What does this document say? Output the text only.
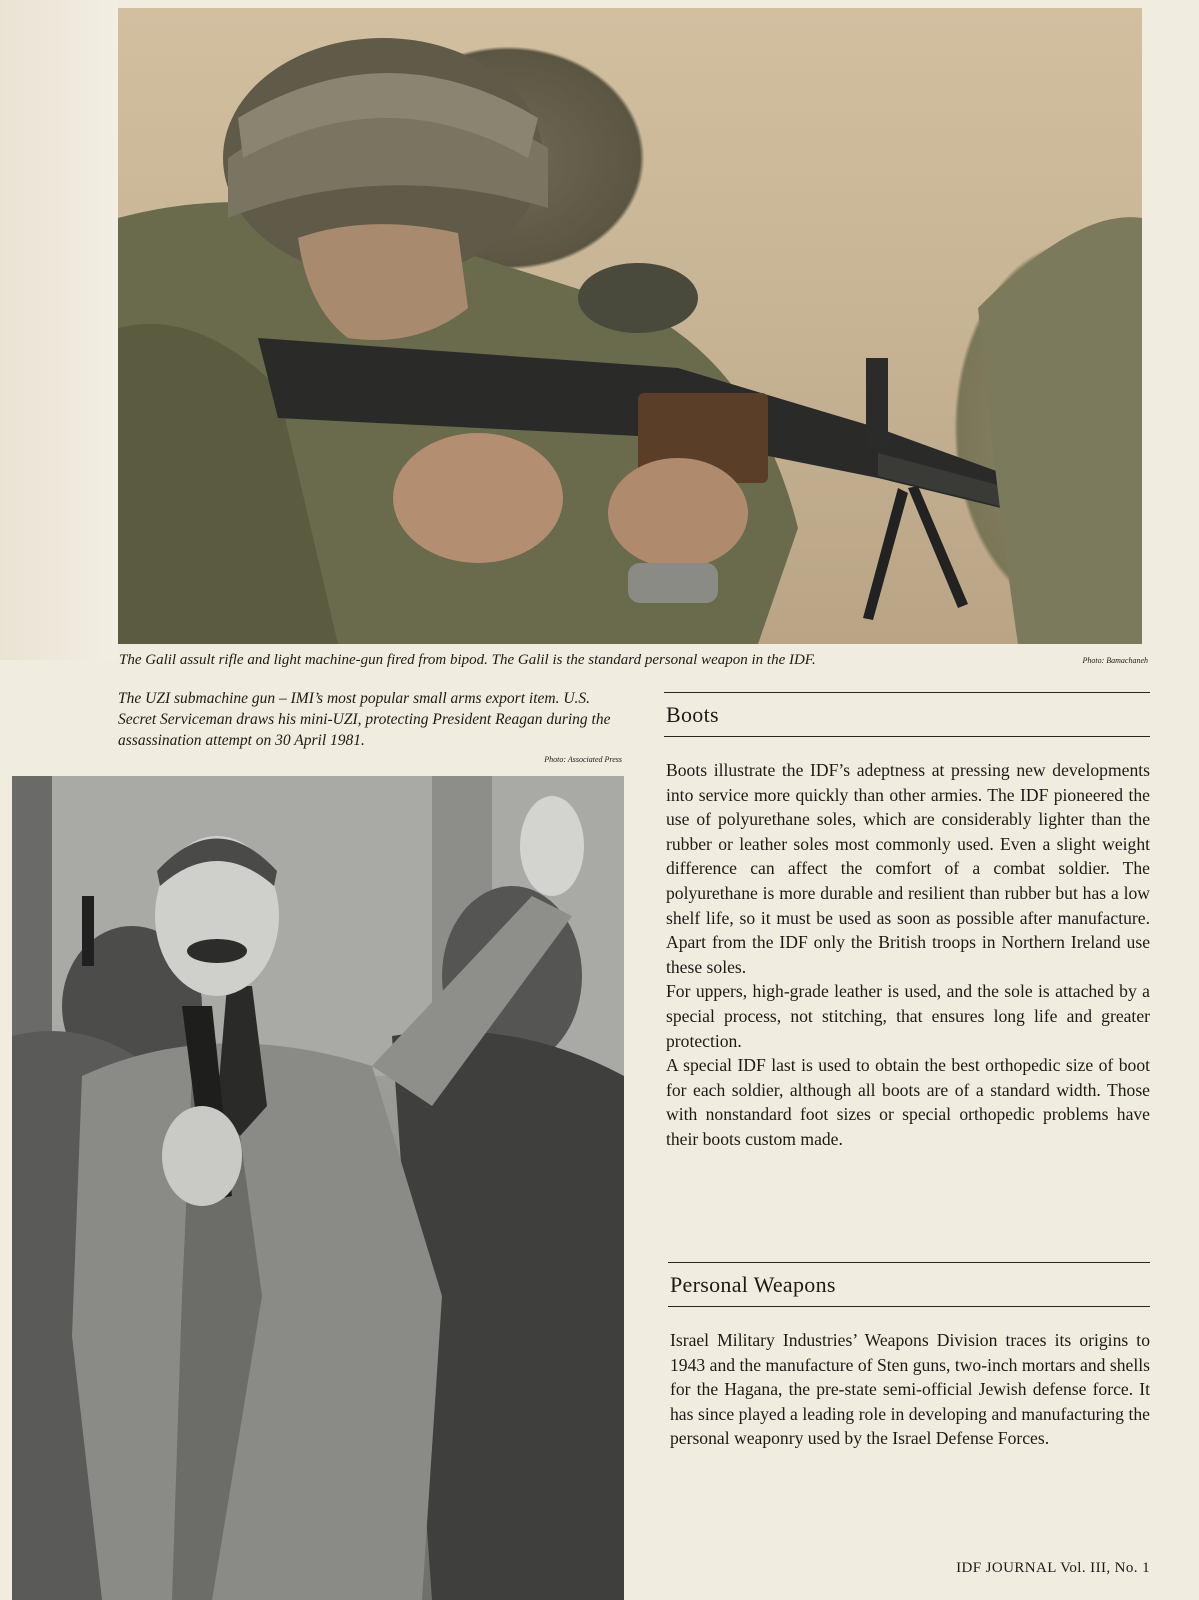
The Galil assult rifle and light machine-gun fired from bipod. The Galil is the standard personal weapon in the IDF.	Photo: Bamachaneh
The UZI submachine gun – IMI’s most popular small arms export item. U.S. Secret Serviceman draws his mini-UZI, protecting President Reagan during the assassination attempt on 30 April 1981.
Photo: Associated Press
Boots

Boots illustrate the IDF’s adeptness at pressing new developments into service more quickly than other armies. The IDF pioneered the use of polyurethane soles, which are considerably lighter than the rubber or leather soles most commonly used. Even a slight weight difference can affect the comfort of a combat soldier. The polyurethane is more durable and resilient than rubber but has a low shelf life, so it must be used as soon as possible after manufacture. Apart from the IDF only the British troops in Northern Ireland use these soles.

For uppers, high-grade leather is used, and the sole is attached by a special process, not stitching, that ensures long life and greater protection.

A special IDF last is used to obtain the best orthopedic size of boot for each soldier, although all boots are of a standard width. Those with nonstandard foot sizes or special orthopedic problems have their boots custom made.

Personal Weapons

Israel Military Industries’ Weapons Division traces its origins to 1943 and the manufacture of Sten guns, two-inch mortars and shells for the Hagana, the pre-state semi-official Jewish defense force. It has since played a leading role in developing and manufacturing the personal weaponry used by the Israel Defense Forces.

IDF JOURNAL Vol. III, No. 1
